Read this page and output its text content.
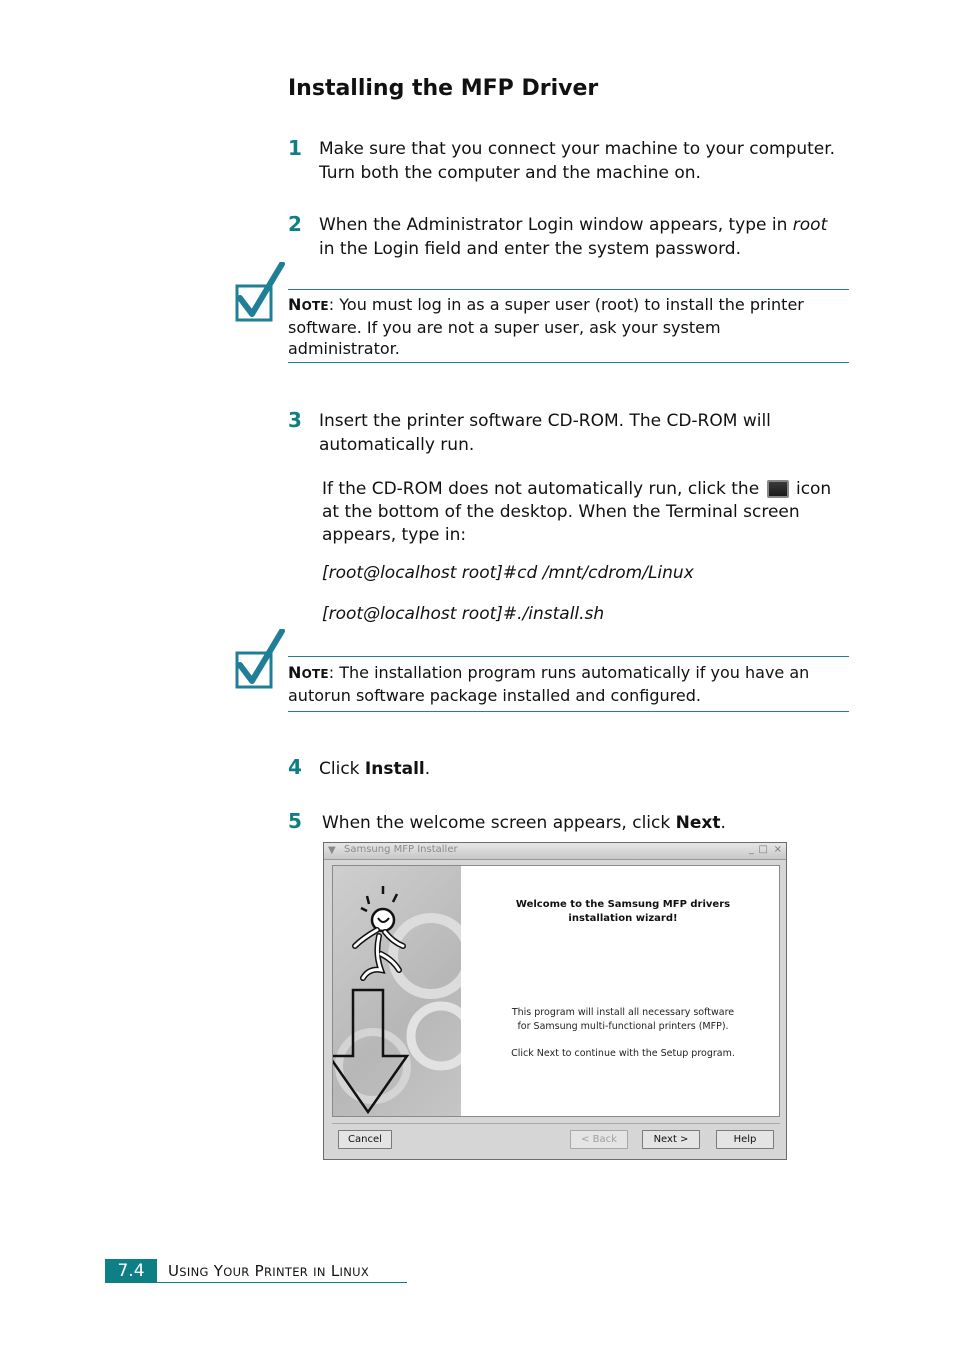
Installing the MFP Driver
1 Make sure that you connect your machine to your computer.
Turn both the computer and the machine on.
2 When the Administrator Login window appears, type in root
in the Login field and enter the system password.
NOTE: You must log in as a super user (root) to install the printer
software. If you are not a super user, ask your system
administrator.
3 Insert the printer software CD-ROM. The CD-ROM will
automatically run.
If the CD-ROM does not automatically run, click the  icon
at the bottom of the desktop. When the Terminal screen
appears, type in:
[root@localhost root]#cd /mnt/cdrom/Linux
[root@localhost root]#./install.sh
NOTE: The installation program runs automatically if you have an
autorun software package installed and configured.
4 Click Install.
5 When the welcome screen appears, click Next.
▼ Samsung MFP Installer	_ □ ×
Welcome to the Samsung MFP drivers
installation wizard!
This program will install all necessary software
for Samsung multi-functional printers (MFP).
Click Next to continue with the Setup program.
Cancel	< Back	Next >	Help
7.4	USING YOUR PRINTER IN LINUX
